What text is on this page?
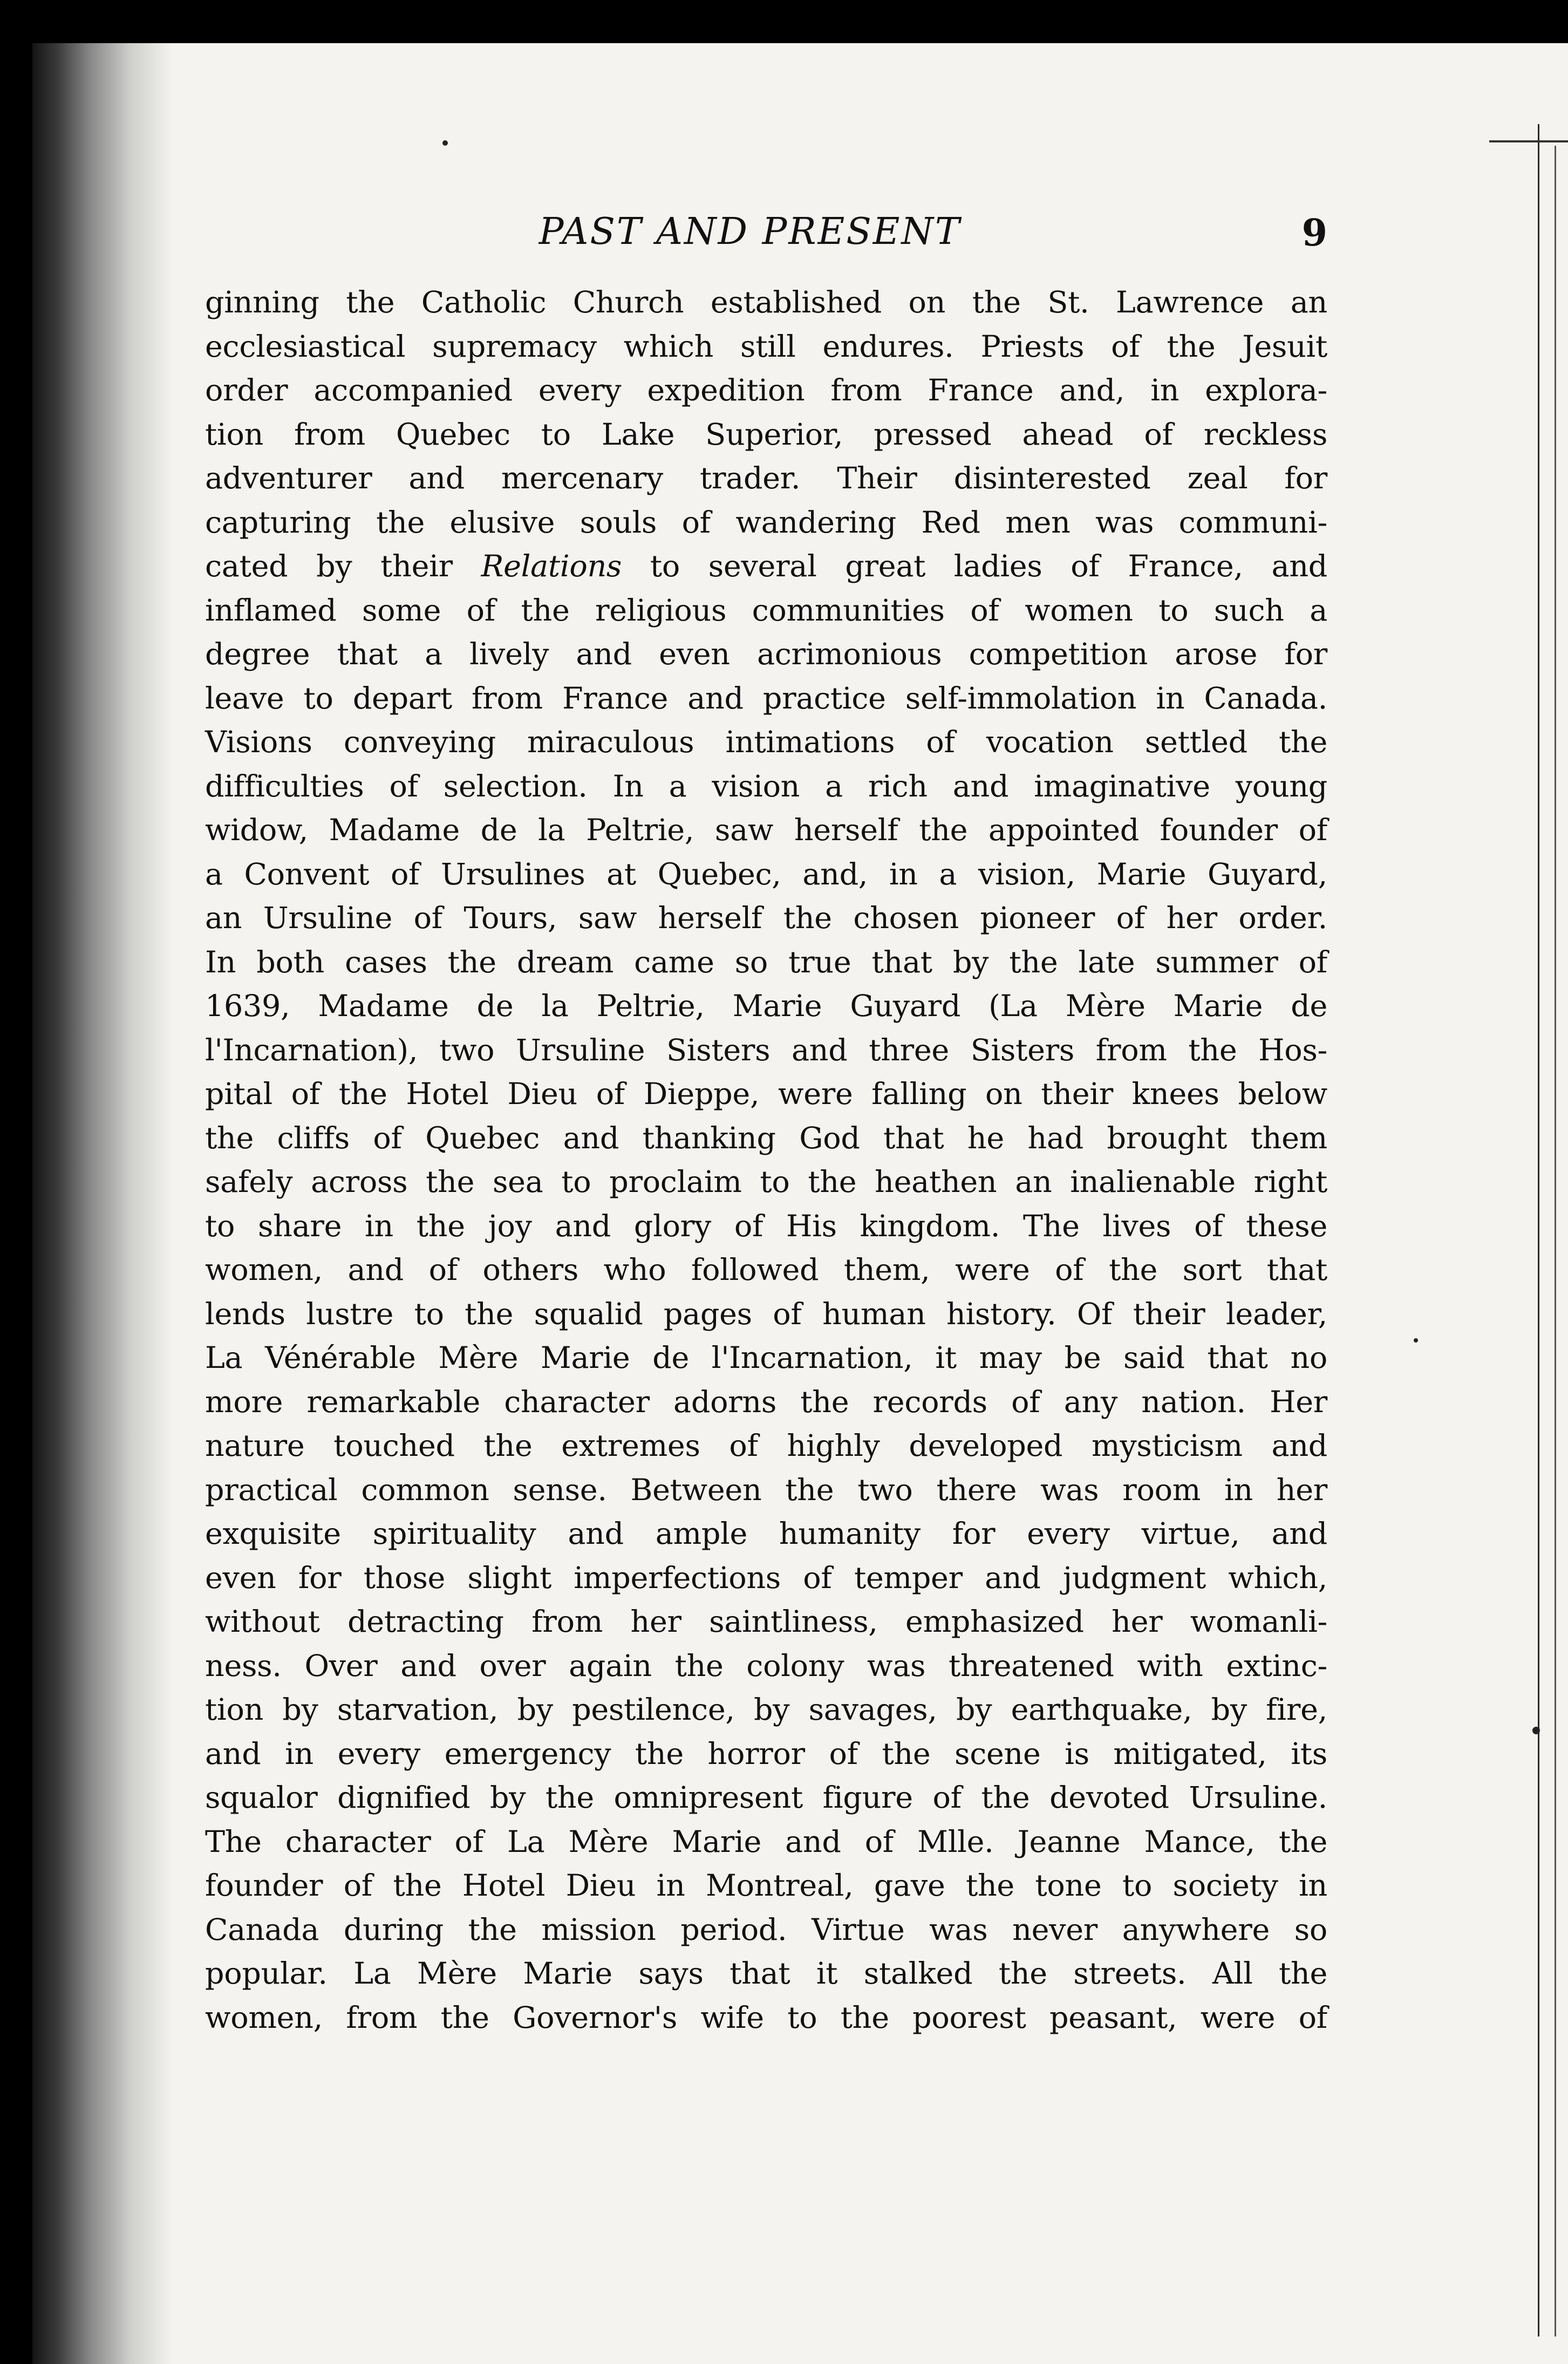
PAST AND PRESENT	9
ginning the Catholic Church established on the St. Lawrence an
ecclesiastical supremacy which still endures. Priests of the Jesuit
order accompanied every expedition from France and, in explora-
tion from Quebec to Lake Superior, pressed ahead of reckless
adventurer and mercenary trader. Their disinterested zeal for
capturing the elusive souls of wandering Red men was communi-
cated by their Relations to several great ladies of France, and
inflamed some of the religious communities of women to such a
degree that a lively and even acrimonious competition arose for
leave to depart from France and practice self-immolation in Canada.
Visions conveying miraculous intimations of vocation settled the
difficulties of selection. In a vision a rich and imaginative young
widow, Madame de la Peltrie, saw herself the appointed founder of
a Convent of Ursulines at Quebec, and, in a vision, Marie Guyard,
an Ursuline of Tours, saw herself the chosen pioneer of her order.
In both cases the dream came so true that by the late summer of
1639, Madame de la Peltrie, Marie Guyard (La Mère Marie de
l'Incarnation), two Ursuline Sisters and three Sisters from the Hos-
pital of the Hotel Dieu of Dieppe, were falling on their knees below
the cliffs of Quebec and thanking God that he had brought them
safely across the sea to proclaim to the heathen an inalienable right
to share in the joy and glory of His kingdom. The lives of these
women, and of others who followed them, were of the sort that
lends lustre to the squalid pages of human history. Of their leader,
La Vénérable Mère Marie de l'Incarnation, it may be said that no
more remarkable character adorns the records of any nation. Her
nature touched the extremes of highly developed mysticism and
practical common sense. Between the two there was room in her
exquisite spirituality and ample humanity for every virtue, and
even for those slight imperfections of temper and judgment which,
without detracting from her saintliness, emphasized her womanli-
ness. Over and over again the colony was threatened with extinc-
tion by starvation, by pestilence, by savages, by earthquake, by fire,
and in every emergency the horror of the scene is mitigated, its
squalor dignified by the omnipresent figure of the devoted Ursuline.
The character of La Mère Marie and of Mlle. Jeanne Mance, the
founder of the Hotel Dieu in Montreal, gave the tone to society in
Canada during the mission period. Virtue was never anywhere so
popular. La Mère Marie says that it stalked the streets. All the
women, from the Governor's wife to the poorest peasant, were of
